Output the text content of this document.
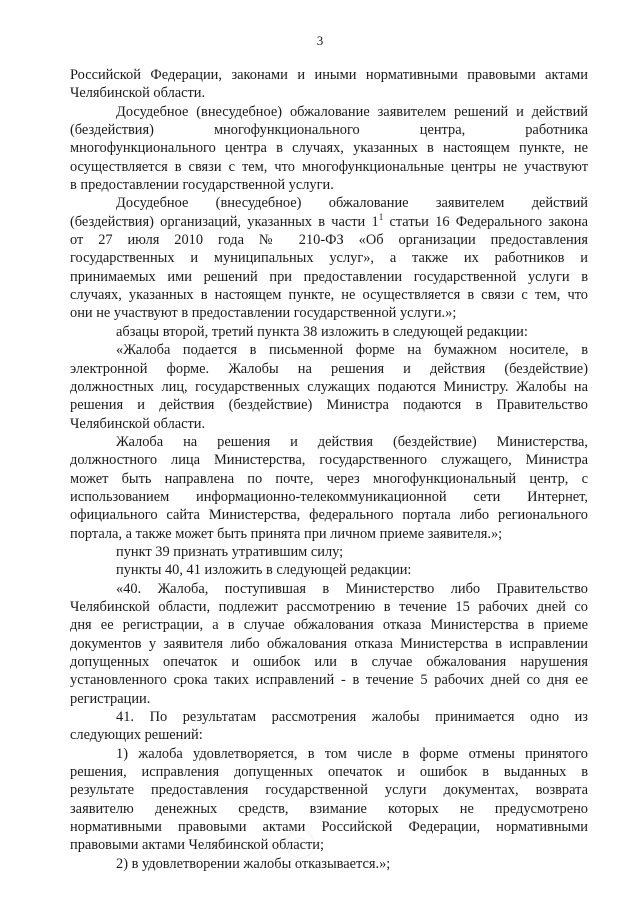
3
Российской Федерации, законами и иными нормативными правовыми актами
Челябинской области.
Досудебное (внесудебное) обжалование заявителем решений и действий
(бездействия) многофункционального центра, работника
многофункционального центра в случаях, указанных в настоящем пункте, не
осуществляется в связи с тем, что многофункциональные центры не участвуют
в предоставлении государственной услуги.
Досудебное (внесудебное) обжалование заявителем действий
(бездействия) организаций, указанных в части $1^1$ статьи 16 Федерального закона
от 27 июля 2010 года № 210-ФЗ «Об организации предоставления
государственных и муниципальных услуг», а также их работников и
принимаемых ими решений при предоставлении государственной услуги в
случаях, указанных в настоящем пункте, не осуществляется в связи с тем, что
они не участвуют в предоставлении государственной услуги.»;
абзацы второй, третий пункта 38 изложить в следующей редакции:
«Жалоба подается в письменной форме на бумажном носителе, в
электронной форме. Жалобы на решения и действия (бездействие)
должностных лиц, государственных служащих подаются Министру. Жалобы на
решения и действия (бездействие) Министра подаются в Правительство
Челябинской области.
Жалоба на решения и действия (бездействие) Министерства,
должностного лица Министерства, государственного служащего, Министра
может быть направлена по почте, через многофункциональный центр, с
использованием информационно-телекоммуникационной сети Интернет,
официального сайта Министерства, федерального портала либо регионального
портала, а также может быть принята при личном приеме заявителя.»;
пункт 39 признать утратившим силу;
пункты 40, 41 изложить в следующей редакции:
«40. Жалоба, поступившая в Министерство либо Правительство
Челябинской области, подлежит рассмотрению в течение 15 рабочих дней со
дня ее регистрации, а в случае обжалования отказа Министерства в приеме
документов у заявителя либо обжалования отказа Министерства в исправлении
допущенных опечаток и ошибок или в случае обжалования нарушения
установленного срока таких исправлений - в течение 5 рабочих дней со дня ее
регистрации.
41. По результатам рассмотрения жалобы принимается одно из
следующих решений:
1) жалоба удовлетворяется, в том числе в форме отмены принятого
решения, исправления допущенных опечаток и ошибок в выданных в
результате предоставления государственной услуги документах, возврата
заявителю денежных средств, взимание которых не предусмотрено
нормативными правовыми актами Российской Федерации, нормативными
правовыми актами Челябинской области;
2) в удовлетворении жалобы отказывается.»;
